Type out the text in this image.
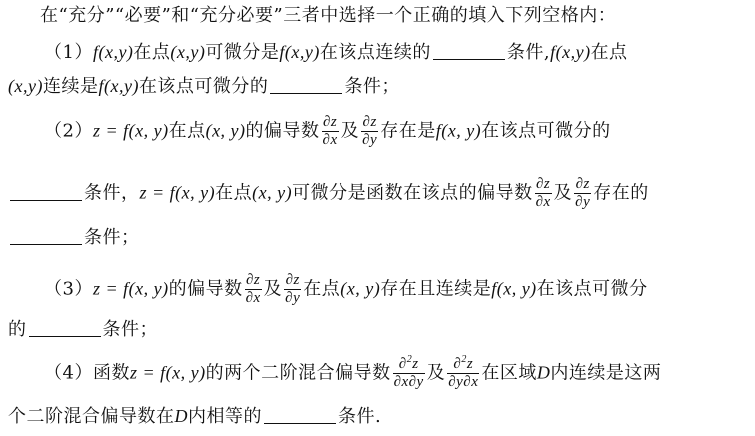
在“充分”“必要”和“充分必要”三者中选择一个正确的填入下列空格内：
（1）f(x,y)在点(x,y)可微分是f(x,y)在该点连续的	条件,f(x,y)在点
(x,y)连续是f(x,y)在该点可微分的	条件；
（2）z = f(x, y)在点(x, y)的偏导数 $\frac{\partial z}{\partial x}$ 及 $\frac{\partial z}{\partial y}$ 存在是f(x, y)在该点可微分的
条件，z = f(x, y)在点(x, y)可微分是函数在该点的偏导数 $\frac{\partial z}{\partial x}$ 及 $\frac{\partial z}{\partial y}$ 存在的
条件；
（3）z = f(x, y)的偏导数 $\frac{\partial z}{\partial x}$ 及 $\frac{\partial z}{\partial y}$ 在点(x, y)存在且连续是f(x, y)在该点可微分
的	条件；
（4）函数z = f(x, y)的两个二阶混合偏导数 $\frac{\partial^2z}{\partial x\partial y}$ 及 $\frac{\partial^2z}{\partial y\partial x}$ 在区域D内连续是这两
个二阶混合偏导数在D内相等的	条件.
